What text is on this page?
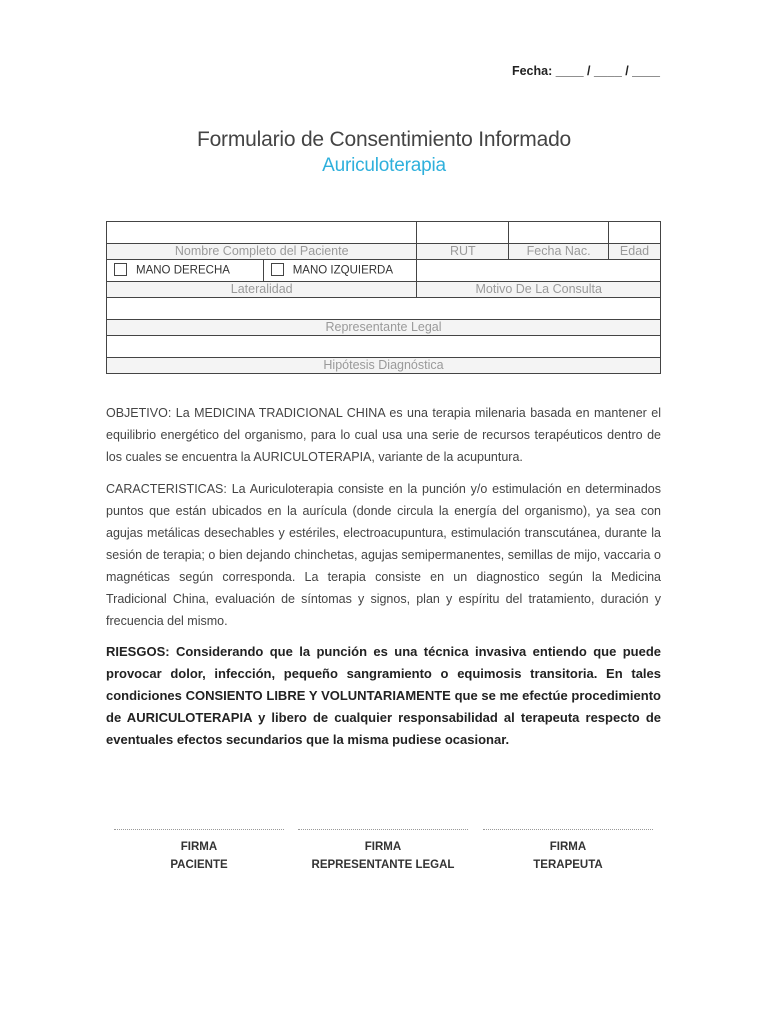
Fecha: ____ / ____ / ____
Formulario de Consentimiento Informado
Auriculoterapia

Nombre Completo del Paciente		RUT	Fecha Nac.	Edad
MANO DERECHA	MANO IZQUIERDA			
Lateralidad		Motivo De La Consulta		

Representante Legal				

Hipótesis Diagnóstica				

OBJETIVO: La MEDICINA TRADICIONAL CHINA es una terapia milenaria basada en mantener el equilibrio energético del organismo, para lo cual usa una serie de recursos terapéuticos dentro de los cuales se encuentra la AURICULOTERAPIA, variante de la acupuntura.

CARACTERISTICAS: La Auriculoterapia consiste en la punción y/o estimulación en determinados puntos que están ubicados en la aurícula (donde circula la energía del organismo), ya sea con agujas metálicas desechables y estériles, electroacupuntura, estimulación transcutánea, durante la sesión de terapia; o bien dejando chinchetas, agujas semipermanentes, semillas de mijo, vaccaria o magnéticas según corresponda. La terapia consiste en un diagnostico según la Medicina Tradicional China, evaluación de síntomas y signos, plan y espíritu del tratamiento, duración y frecuencia del mismo.

RIESGOS: Considerando que la punción es una técnica invasiva entiendo que puede provocar dolor, infección, pequeño sangramiento o equimosis transitoria. En tales condiciones CONSIENTO LIBRE Y VOLUNTARIAMENTE que se me efectúe procedimiento de AURICULOTERAPIA y libero de cualquier responsabilidad al terapeuta respecto de eventuales efectos secundarios que la misma pudiese ocasionar.

FIRMA
PACIENTE
FIRMA
REPRESENTANTE LEGAL
FIRMA
TERAPEUTA
